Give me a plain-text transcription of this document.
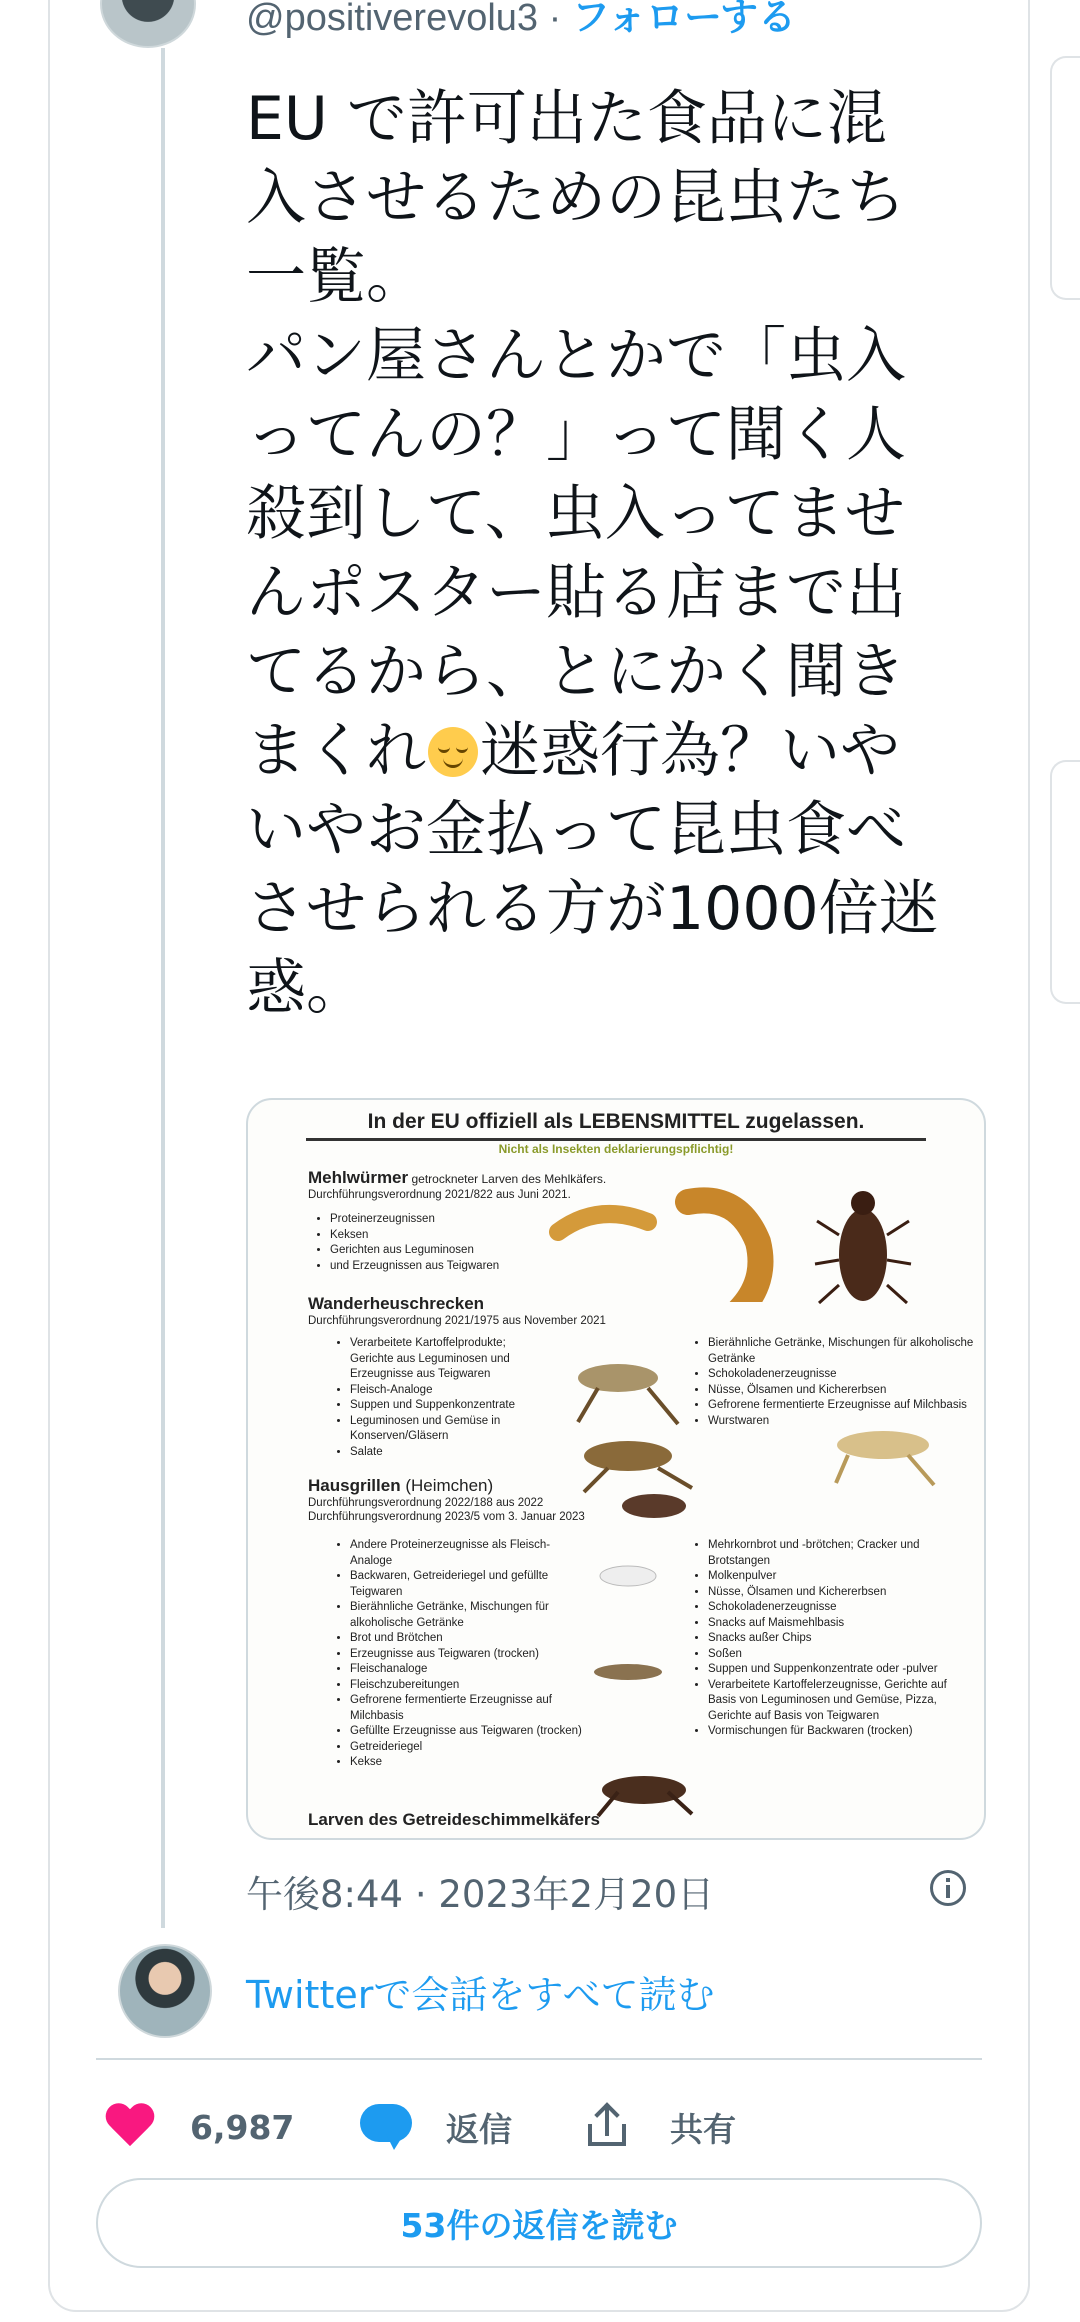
@positiverevolu3 · フォローする
EU で許可出た食品に混
入させるための昆虫たち
一覧。
パン屋さんとかで「虫入
ってんの？」って聞く人
殺到して、虫入ってませ
んポスター貼る店まで出
てるから、とにかく聞き
まくれ 迷惑行為？いや
いやお金払って昆虫食べ
させられる方が1000倍迷
惑。
In der EU offiziell als LEBENSMITTEL zugelassen.
Nicht als Insekten deklarierungspflichtig!
Mehlwürmer getrockneter Larven des Mehlkäfers.
Durchführungsverordnung 2021/822 aus Juni 2021.
• Proteinerzeugnissen
• Keksen
• Gerichten aus Leguminosen
• und Erzeugnissen aus Teigwaren
Wanderheuschrecken
Durchführungsverordnung 2021/1975 aus November 2021
• Verarbeitete Kartoffelprodukte; Gerichte aus Leguminosen und Erzeugnisse aus Teigwaren
• Fleisch-Analoge
• Suppen und Suppenkonzentrate
• Leguminosen und Gemüse in Konserven/Gläsern
• Salate
• Bierähnliche Getränke, Mischungen für alkoholische Getränke
• Schokoladenerzeugnisse
• Nüsse, Ölsamen und Kichererbsen
• Gefrorene fermentierte Erzeugnisse auf Milchbasis
• Wurstwaren
Hausgrillen (Heimchen)
Durchführungsverordnung 2022/188 aus 2022
Durchführungsverordnung 2023/5 vom 3. Januar 2023
• Andere Proteinerzeugnisse als Fleisch-Analoge
• Backwaren, Getreideriegel und gefüllte Teigwaren
• Bierähnliche Getränke, Mischungen für alkoholische Getränke
• Brot und Brötchen
• Erzeugnisse aus Teigwaren (trocken)
• Fleischanaloge
• Fleischzubereitungen
• Gefrorene fermentierte Erzeugnisse auf Milchbasis
• Gefüllte Erzeugnisse aus Teigwaren (trocken)
• Getreideriegel
• Kekse
• Mehrkornbrot und -brötchen; Cracker und Brotstangen
• Molkenpulver
• Nüsse, Ölsamen und Kichererbsen
• Schokoladenerzeugnisse
• Snacks auf Maismehlbasis
• Snacks außer Chips
• Soßen
• Suppen und Suppenkonzentrate oder -pulver
• Verarbeitete Kartoffelerzeugnisse, Gerichte auf Basis von Leguminosen und Gemüse, Pizza, Gerichte auf Basis von Teigwaren
• Vormischungen für Backwaren (trocken)
Larven des Getreideschimmelkäfers
午後8:44 · 2023年2月20日
Twitterで会話をすべて読む
6,987	返信	共有
53件の返信を読む
